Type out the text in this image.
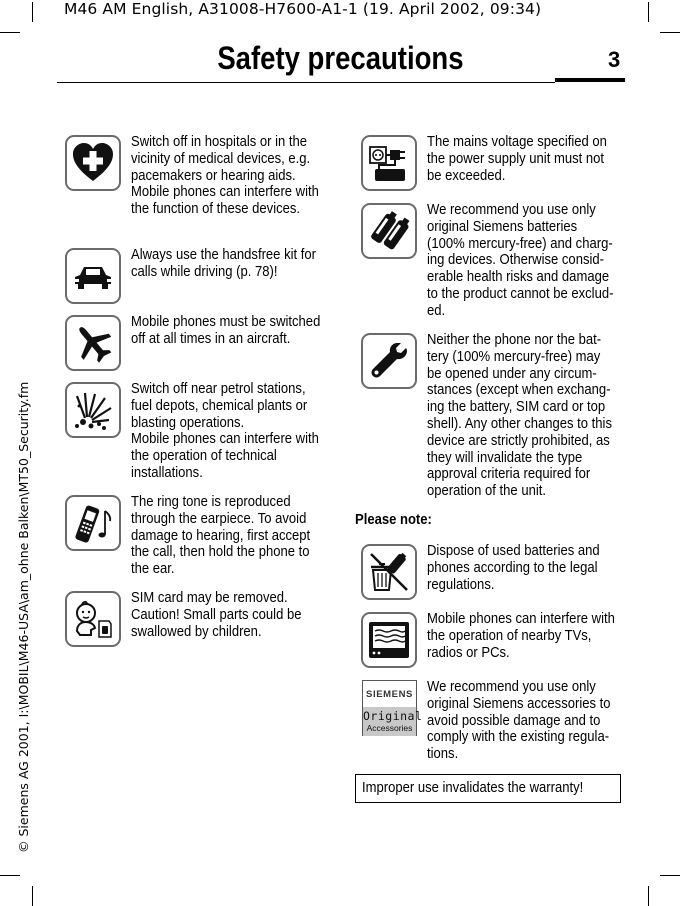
M46 AM English, A31008-H7600-A1-1 (19. April 2002, 09:34)
Safety precautions	3
© Siemens AG 2001, I:\MOBIL\M46-USA\am_ohne Balken\MT50_Security.fm
Switch off in hospitals or in the vicinity of medical devices, e.g. pacemakers or hearing aids. Mobile phones can interfere with the function of these devices.
Always use the handsfree kit for calls while driving (p. 78)!
Mobile phones must be switched off at all times in an aircraft.
Switch off near petrol stations, fuel depots, chemical plants or blasting operations.
Mobile phones can interfere with the operation of technical installations.
The ring tone is reproduced through the earpiece. To avoid damage to hearing, first accept the call, then hold the phone to the ear.
SIM card may be removed. Caution! Small parts could be swallowed by children.
The mains voltage specified on the power supply unit must not be exceeded.
We recommend you use only original Siemens batteries (100% mercury-free) and charg-ing devices. Otherwise consid-erable health risks and damage to the product cannot be exclud-ed.
Neither the phone nor the bat-tery (100% mercury-free) may be opened under any circum-stances (except when exchang-ing the battery, SIM card or top shell). Any other changes to this device are strictly prohibited, as they will invalidate the type approval criteria required for operation of the unit.
Please note:
Dispose of used batteries and phones according to the legal regulations.
Mobile phones can interfere with the operation of nearby TVs, radios or PCs.
SIEMENS
Original
Accessories
We recommend you use only original Siemens accessories to avoid possible damage and to comply with the existing regula-tions.
Improper use invalidates the warranty!
